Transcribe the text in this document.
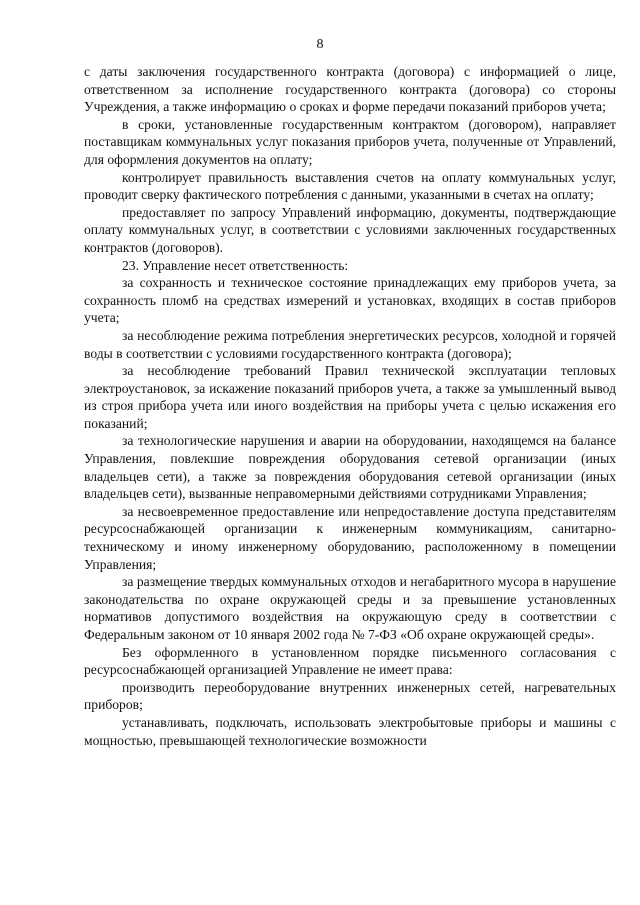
8

с даты заключения государственного контракта (договора) с информацией о лице, ответственном за исполнение государственного контракта (договора) со стороны Учреждения, а также информацию о сроках и форме передачи показаний приборов учета;

в сроки, установленные государственным контрактом (договором), направляет поставщикам коммунальных услуг показания приборов учета, полученные от Управлений, для оформления документов на оплату;

контролирует правильность выставления счетов на оплату коммунальных услуг, проводит сверку фактического потребления с данными, указанными в счетах на оплату;

предоставляет по запросу Управлений информацию, документы, подтверждающие оплату коммунальных услуг, в соответствии с условиями заключенных государственных контрактов (договоров).

23. Управление несет ответственность:

за сохранность и техническое состояние принадлежащих ему приборов учета, за сохранность пломб на средствах измерений и установках, входящих в состав приборов учета;

за несоблюдение режима потребления энергетических ресурсов, холодной и горячей воды в соответствии с условиями государственного контракта (договора);

за несоблюдение требований Правил технической эксплуатации тепловых электроустановок, за искажение показаний приборов учета, а также за умышленный вывод из строя прибора учета или иного воздействия на приборы учета с целью искажения его показаний;

за технологические нарушения и аварии на оборудовании, находящемся на балансе Управления, повлекшие повреждения оборудования сетевой организации (иных владельцев сети), а также за повреждения оборудования сетевой организации (иных владельцев сети), вызванные неправомерными действиями сотрудниками Управления;

за несвоевременное предоставление или непредоставление доступа представителям ресурсоснабжающей организации к инженерным коммуникациям, санитарно-техническому и иному инженерному оборудованию, расположенному в помещении Управления;

за размещение твердых коммунальных отходов и негабаритного мусора в нарушение законодательства по охране окружающей среды и за превышение установленных нормативов допустимого воздействия на окружающую среду в соответствии с Федеральным законом от 10 января 2002 года № 7-ФЗ «Об охране окружающей среды».

Без оформленного в установленном порядке письменного согласования с ресурсоснабжающей организацией Управление не имеет права:

производить переоборудование внутренних инженерных сетей, нагревательных приборов;

устанавливать, подключать, использовать электробытовые приборы и машины с мощностью, превышающей технологические возможности
